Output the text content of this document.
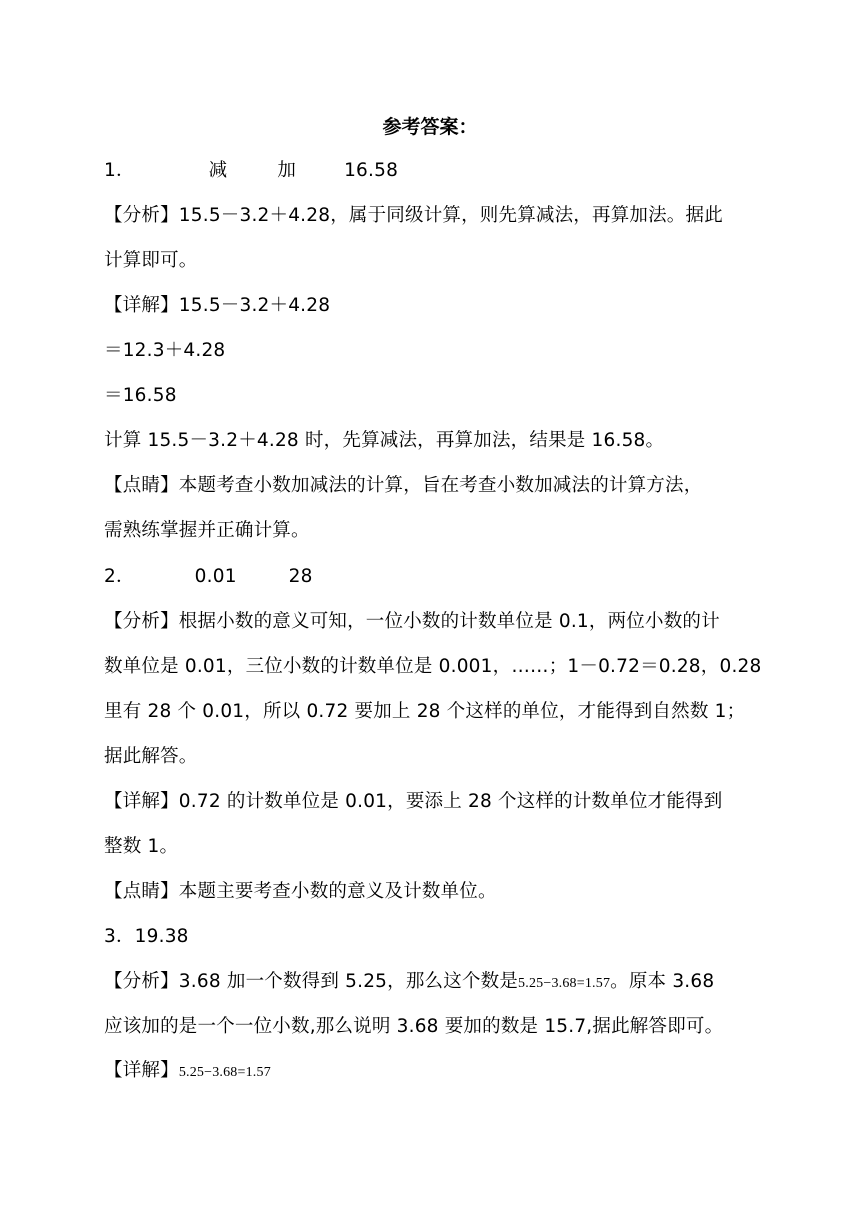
参考答案：
1．	减	加	16.58
【分析】15.5－3.2＋4.28，属于同级计算，则先算减法，再算加法。据此
计算即可。
【详解】15.5－3.2＋4.28
＝12.3＋4.28
＝16.58
计算 15.5－3.2＋4.28 时，先算减法，再算加法，结果是 16.58。
【点睛】本题考查小数加减法的计算，旨在考查小数加减法的计算方法，
需熟练掌握并正确计算。
2．	0.01	28
【分析】根据小数的意义可知，一位小数的计数单位是 0.1，两位小数的计
数单位是 0.01，三位小数的计数单位是 0.001，……；1－0.72＝0.28，0.28
里有 28 个 0.01，所以 0.72 要加上 28 个这样的单位，才能得到自然数 1；
据此解答。
【详解】0.72 的计数单位是 0.01，要添上 28 个这样的计数单位才能得到
整数 1。
【点睛】本题主要考查小数的意义及计数单位。
3．19.38
【分析】3.68 加一个数得到 5.25，那么这个数是5.25−3.68=1.57。原本 3.68
应该加的是一个一位小数,那么说明 3.68 要加的数是 15.7,据此解答即可。
【详解】5.25−3.68=1.57
